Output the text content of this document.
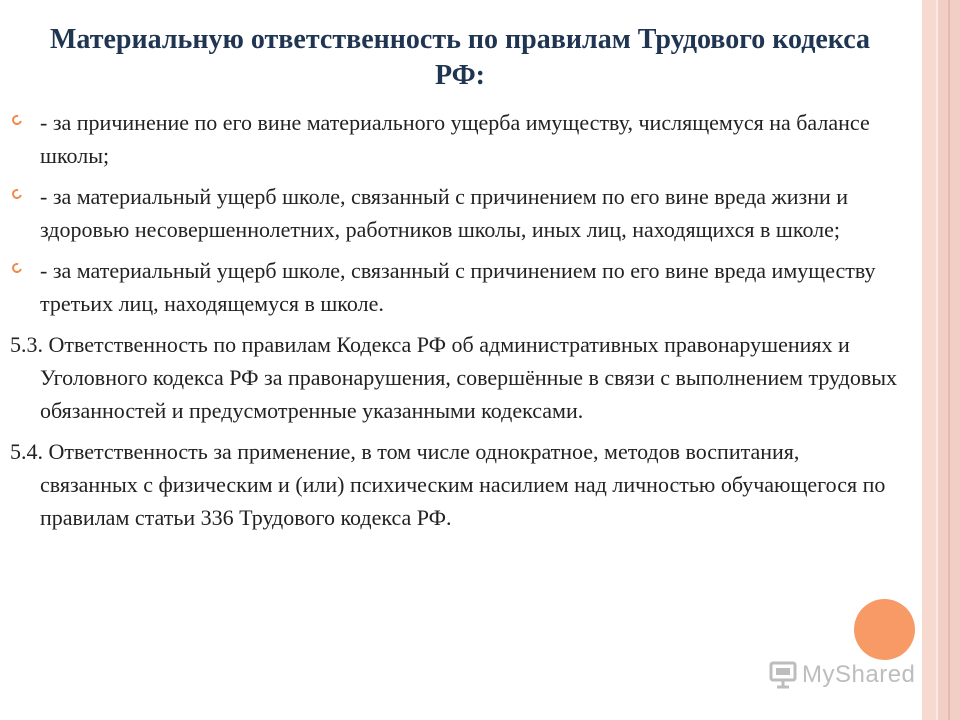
Материальную ответственность по правилам Трудового кодекса РФ:
- за причинение по его вине материального ущерба имуществу, числящемуся на балансе школы;
- за материальный ущерб школе, связанный с причинением по его вине вреда жизни и здоровью несовершеннолетних, работников школы, иных лиц, находящихся в школе;
- за материальный ущерб школе, связанный с причинением по его вине вреда имуществу третьих лиц, находящемуся в школе.
5.3. Ответственность по правилам Кодекса РФ об административных правонарушениях и Уголовного кодекса РФ за правонарушения, совершённые в связи с выполнением трудовых обязанностей и предусмотренные указанными кодексами.
5.4. Ответственность за применение, в том числе однократное, методов воспитания, связанных с физическим и (или) психическим насилием над личностью обучающегося по правилам статьи 336 Трудового кодекса РФ.
MyShared
